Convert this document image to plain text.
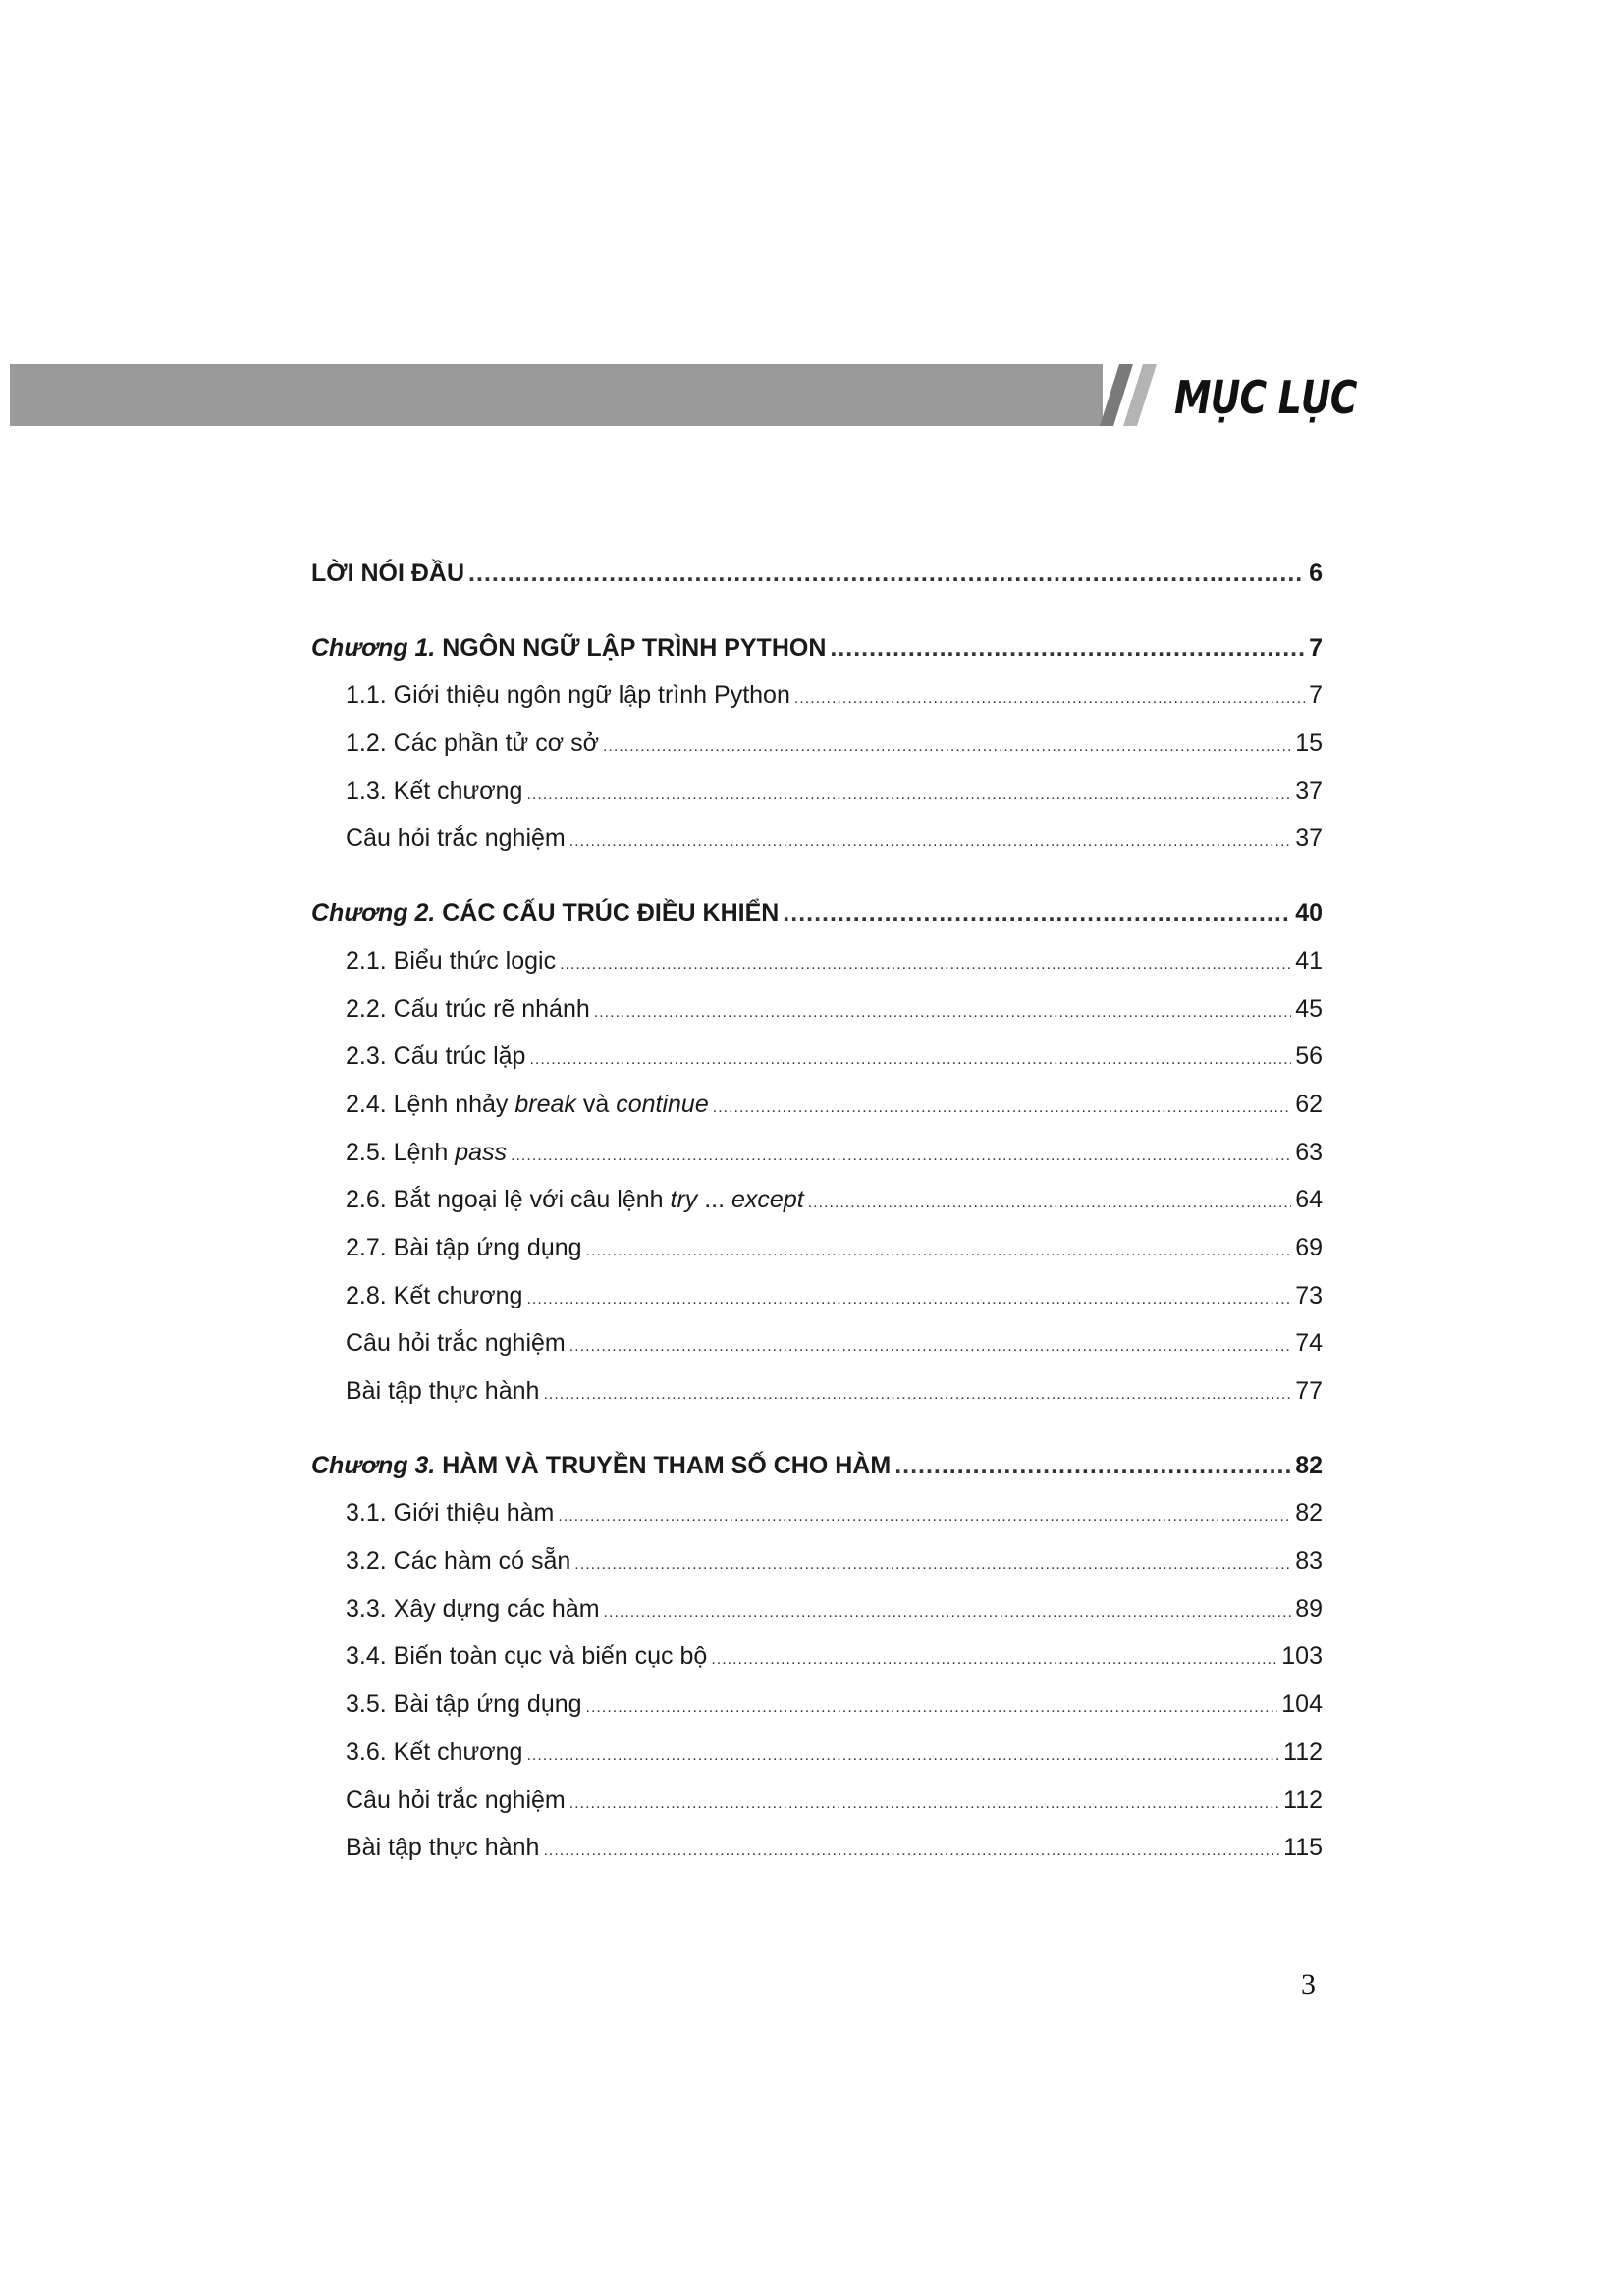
MỤC LỤC
LỜI NÓI ĐẦU .....	6
Chương 1. NGÔN NGỮ LẬP TRÌNH PYTHON .....	7
1.1. Giới thiệu ngôn ngữ lập trình Python .....	7
1.2. Các phần tử cơ sở .....	15
1.3. Kết chương .....	37
Câu hỏi trắc nghiệm .....	37
Chương 2. CÁC CẤU TRÚC ĐIỀU KHIỂN .....	40
2.1. Biểu thức logic .....	41
2.2. Cấu trúc rẽ nhánh .....	45
2.3. Cấu trúc lặp .....	56
2.4. Lệnh nhảy break và continue .....	62
2.5. Lệnh pass .....	63
2.6. Bắt ngoại lệ với câu lệnh try ... except .....	64
2.7. Bài tập ứng dụng .....	69
2.8. Kết chương .....	73
Câu hỏi trắc nghiệm .....	74
Bài tập thực hành .....	77
Chương 3. HÀM VÀ TRUYỀN THAM SỐ CHO HÀM .....	82
3.1. Giới thiệu hàm .....	82
3.2. Các hàm có sẵn .....	83
3.3. Xây dựng các hàm .....	89
3.4. Biến toàn cục và biến cục bộ .....	103
3.5. Bài tập ứng dụng .....	104
3.6. Kết chương .....	112
Câu hỏi trắc nghiệm .....	112
Bài tập thực hành .....	115
3
